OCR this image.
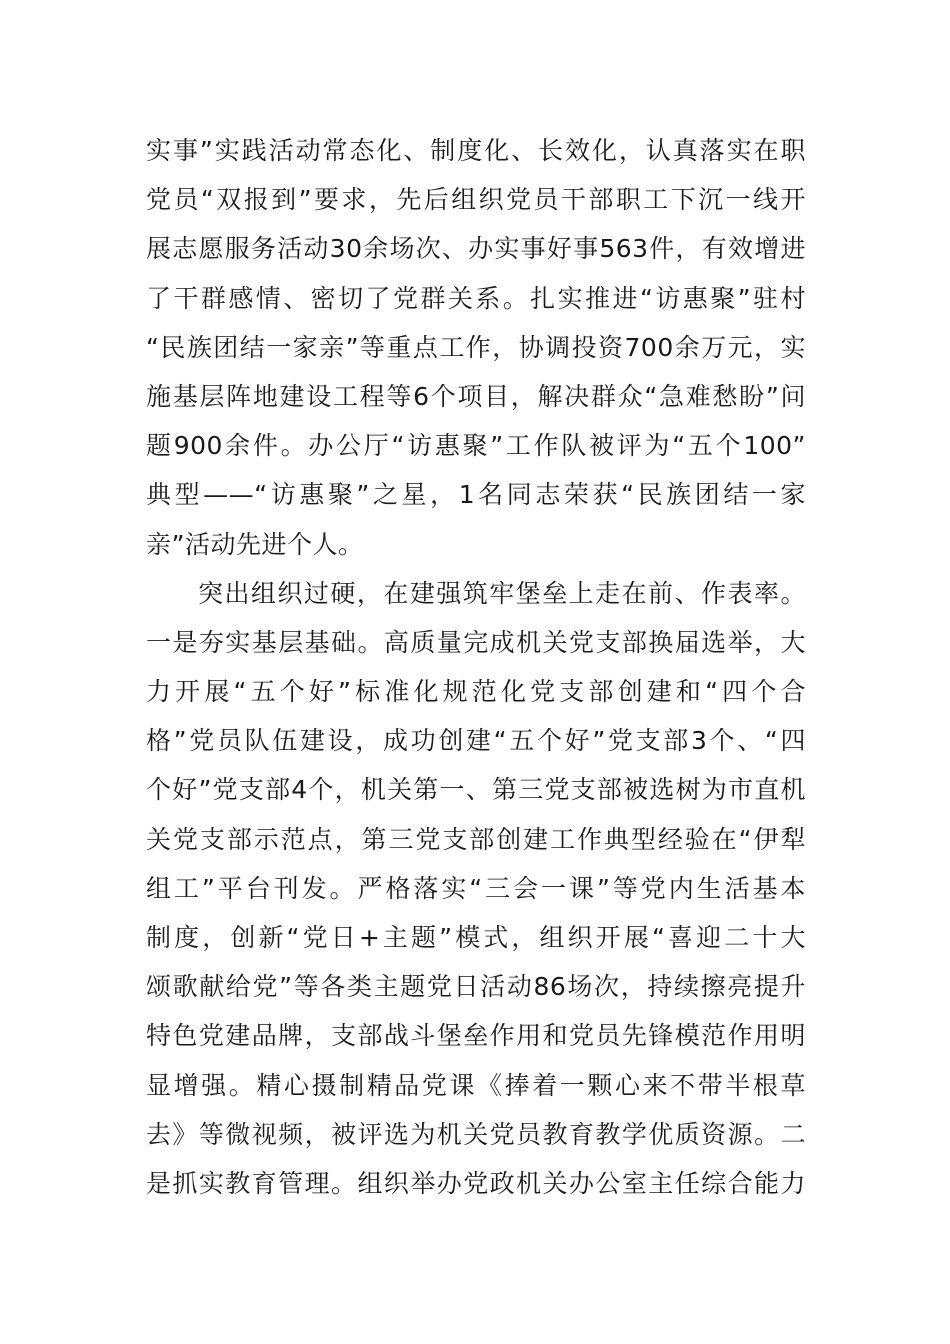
实事”实践活动常态化、制度化、长效化，认真落实在职
党员“双报到”要求，先后组织党员干部职工下沉一线开
展志愿服务活动30余场次、办实事好事563件，有效增进
了干群感情、密切了党群关系。扎实推进“访惠聚”驻村
“民族团结一家亲”等重点工作，协调投资700余万元，实
施基层阵地建设工程等6个项目，解决群众“急难愁盼”问
题900余件。办公厅“访惠聚”工作队被评为“五个100”
典型——“访惠聚”之星，1名同志荣获“民族团结一家
亲”活动先进个人。
突出组织过硬，在建强筑牢堡垒上走在前、作表率。
一是夯实基层基础。高质量完成机关党支部换届选举，大
力开展“五个好”标准化规范化党支部创建和“四个合
格”党员队伍建设，成功创建“五个好”党支部3个、“四
个好”党支部4个，机关第一、第三党支部被选树为市直机
关党支部示范点，第三党支部创建工作典型经验在“伊犁
组工”平台刊发。严格落实“三会一课”等党内生活基本
制度，创新“党日+主题”模式，组织开展“喜迎二十大
颂歌献给党”等各类主题党日活动86场次，持续擦亮提升
特色党建品牌，支部战斗堡垒作用和党员先锋模范作用明
显增强。精心摄制精品党课《捧着一颗心来不带半根草
去》等微视频，被评选为机关党员教育教学优质资源。二
是抓实教育管理。组织举办党政机关办公室主任综合能力
